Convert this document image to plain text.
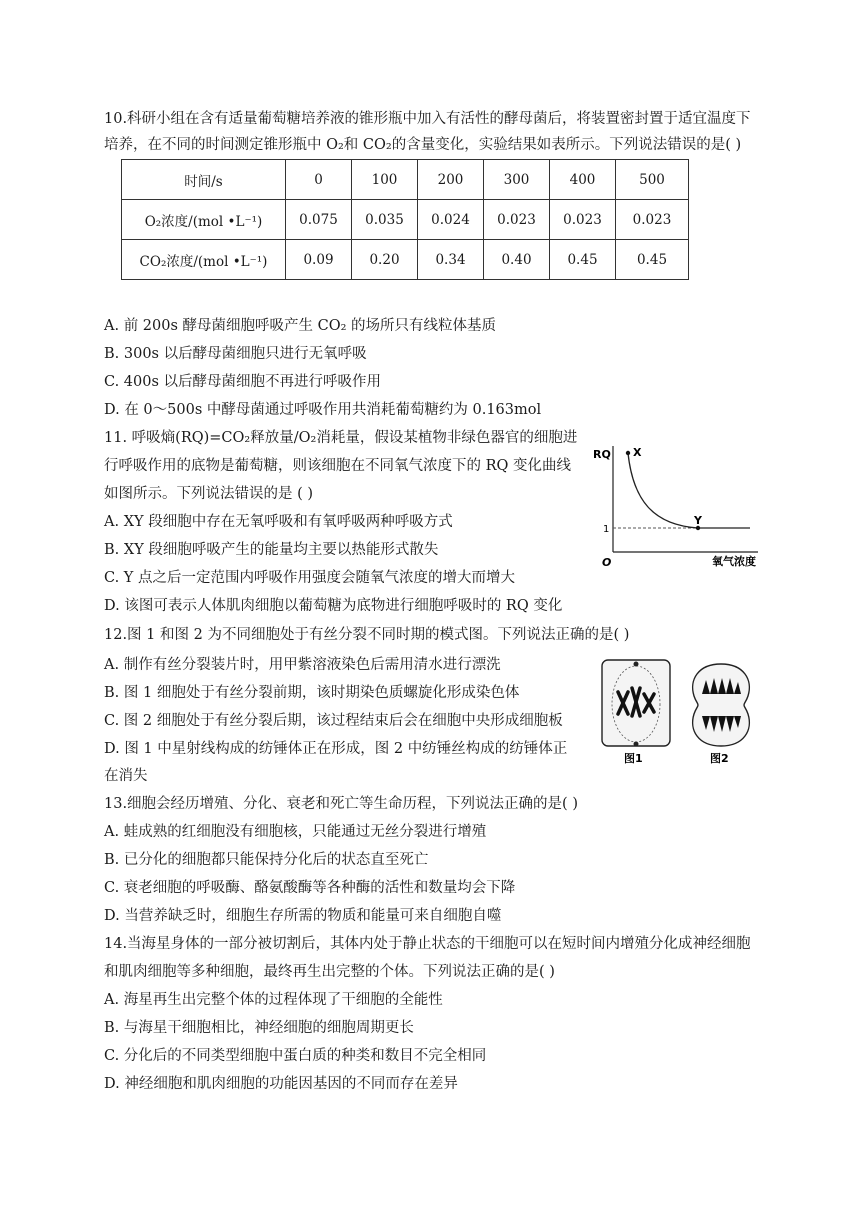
10.科研小组在含有适量葡萄糖培养液的锥形瓶中加入有活性的酵母菌后，将装置密封置于适宜温度下
培养，在不同的时间测定锥形瓶中 O₂和 CO₂的含量变化，实验结果如表所示。下列说法错误的是( )
时间/s	0	100	200	300	400	500
O₂浓度/(mol •L⁻¹)	0.075	0.035	0.024	0.023	0.023	0.023
CO₂浓度/(mol •L⁻¹)	0.09	0.20	0.34	0.40	0.45	0.45
A. 前 200s 酵母菌细胞呼吸产生 CO₂ 的场所只有线粒体基质
B. 300s 以后酵母菌细胞只进行无氧呼吸
C. 400s 以后酵母菌细胞不再进行呼吸作用
D. 在 0～500s 中酵母菌通过呼吸作用共消耗葡萄糖约为 0.163mol
11. 呼吸熵(RQ)=CO₂释放量/O₂消耗量，假设某植物非绿色器官的细胞进
行呼吸作用的底物是葡萄糖，则该细胞在不同氧气浓度下的 RQ 变化曲线
如图所示。下列说法错误的是 ( )
A. XY 段细胞中存在无氧呼吸和有氧呼吸两种呼吸方式
B. XY 段细胞呼吸产生的能量均主要以热能形式散失
C. Y 点之后一定范围内呼吸作用强度会随氧气浓度的增大而增大
D. 该图可表示人体肌肉细胞以葡萄糖为底物进行细胞呼吸时的 RQ 变化
RQ X
Y
1
O	氧气浓度
12.图 1 和图 2 为不同细胞处于有丝分裂不同时期的模式图。下列说法正确的是( )
A. 制作有丝分裂装片时，用甲紫溶液染色后需用清水进行漂洗
B. 图 1 细胞处于有丝分裂前期，该时期染色质螺旋化形成染色体
C. 图 2 细胞处于有丝分裂后期，该过程结束后会在细胞中央形成细胞板
D. 图 1 中星射线构成的纺锤体正在形成，图 2 中纺锤丝构成的纺锤体正
在消失
图1	图2
13.细胞会经历增殖、分化、衰老和死亡等生命历程，下列说法正确的是( )
A. 蛙成熟的红细胞没有细胞核，只能通过无丝分裂进行增殖
B. 已分化的细胞都只能保持分化后的状态直至死亡
C. 衰老细胞的呼吸酶、酪氨酸酶等各种酶的活性和数量均会下降
D. 当营养缺乏时，细胞生存所需的物质和能量可来自细胞自噬
14.当海星身体的一部分被切割后，其体内处于静止状态的干细胞可以在短时间内增殖分化成神经细胞
和肌肉细胞等多种细胞，最终再生出完整的个体。下列说法正确的是( )
A. 海星再生出完整个体的过程体现了干细胞的全能性
B. 与海星干细胞相比，神经细胞的细胞周期更长
C. 分化后的不同类型细胞中蛋白质的种类和数目不完全相同
D. 神经细胞和肌肉细胞的功能因基因的不同而存在差异
